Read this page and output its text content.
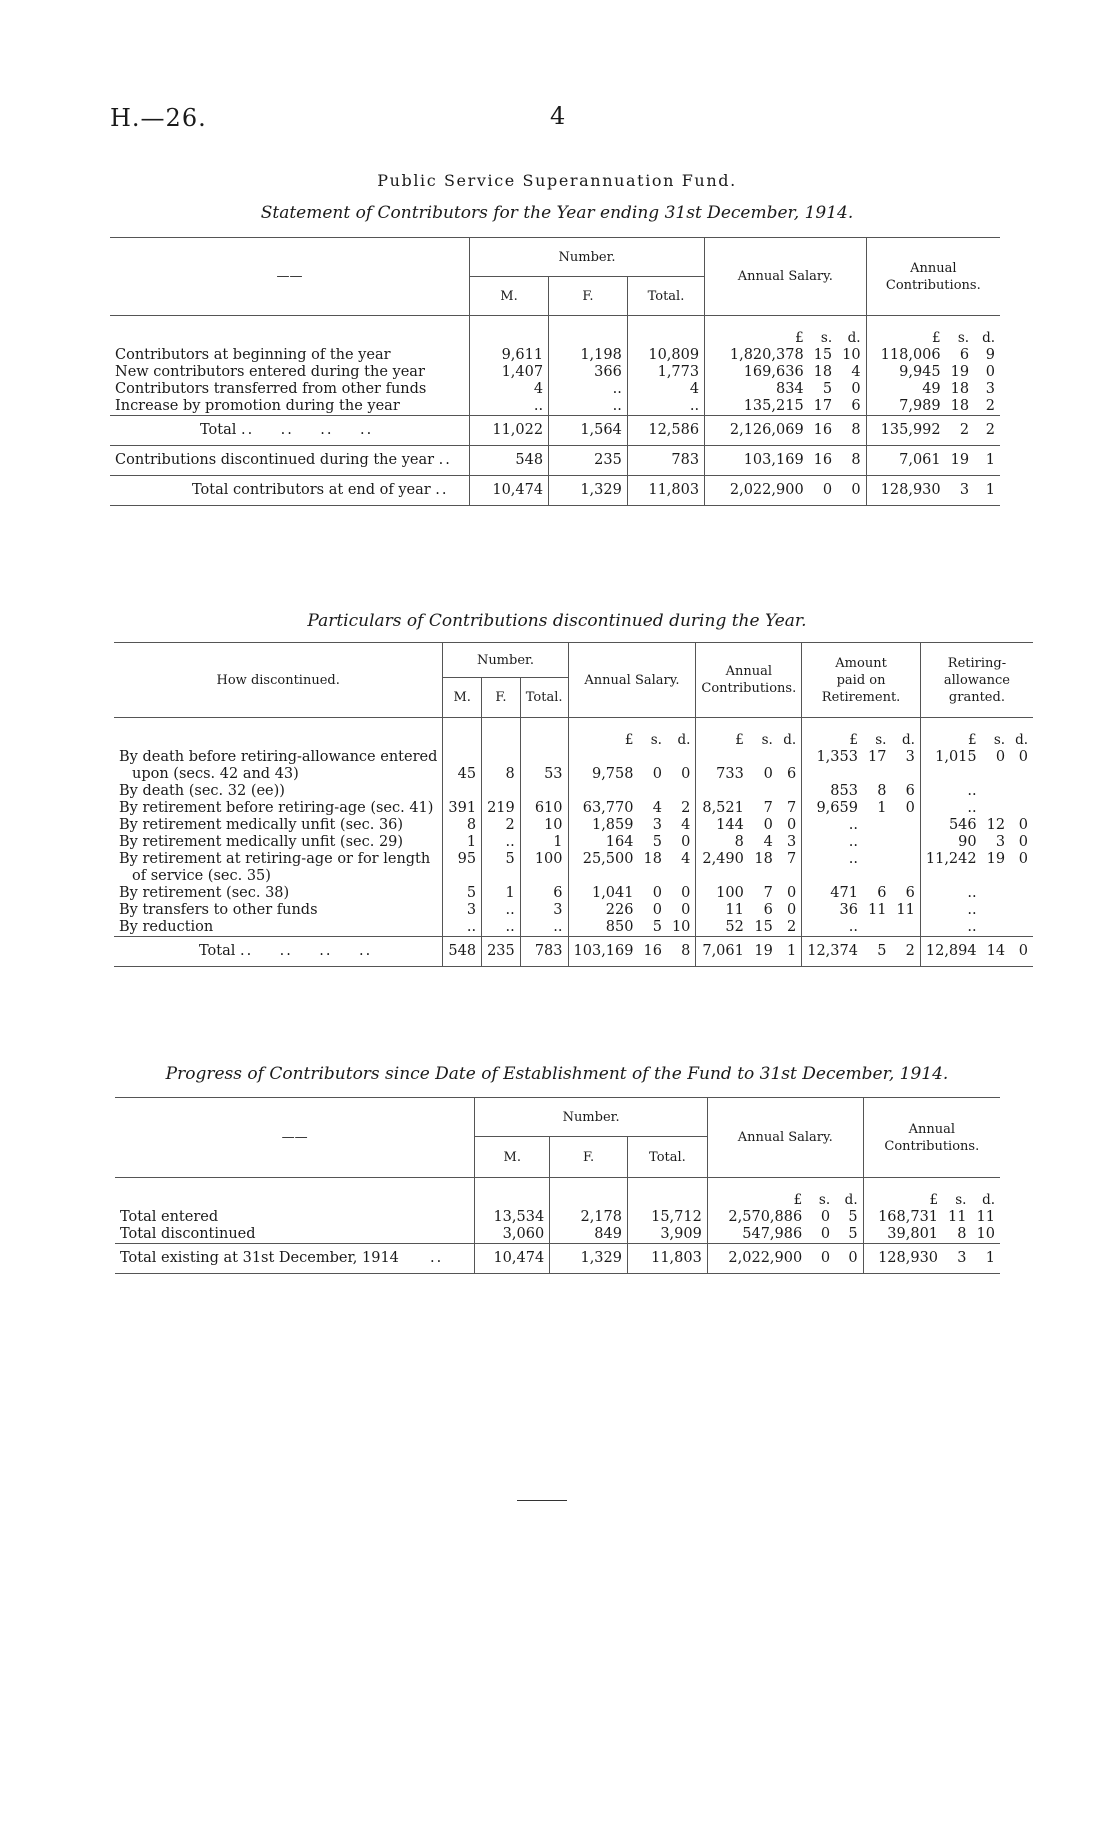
H.—26.	4
Public Service Superannuation Fund.
Statement of Contributors for the Year ending 31st December, 1914.
——	Number.			Annual Salary.			Annual
Contributions.		
	M.	F.	Total.						
				£	s.	d.	£	s.	d.
Contributors at beginning of the year	9,611	1,198	10,809	1,820,378	15	10	118,006	6	9
New contributors entered during the year	1,407	366	1,773	169,636	18	4	9,945	19	0
Contributors transferred from other funds	4	..	4	834	5	0	49	18	3
Increase by promotion during the year	..	..	..	135,215	17	6	7,989	18	2
Total ..    ..    ..    ..	11,022	1,564	12,586	2,126,069	16	8	135,992	2	2
Contributions discontinued during the year ..	548	235	783	103,169	16	8	7,061	19	1
Total contributors at end of year ..	10,474	1,329	11,803	2,022,900	0	0	128,930	3	1
Particulars of Contributions discontinued during the Year.
How discontinued.	Number.			Annual Salary.			Annual
Contributions.			Amount
paid on
Retirement.			Retiring-
allowance
granted.		
	M.	F.	Total.												
				£	s.	d.	£	s.	d.	£	s.	d.	£	s.	d.
By death before retiring-allowance entered										1,353	17	3	1,015	0	0
upon (secs. 42 and 43)	45	8	53	9,758	0	0	733	0	6						
By death (sec. 32 (ee))										853	8	6	..		
By retirement before retiring-age (sec. 41)	391	219	610	63,770	4	2	8,521	7	7	9,659	1	0	..		
By retirement medically unfit (sec. 36)	8	2	10	1,859	3	4	144	0	0	..			546	12	0
By retirement medically unfit (sec. 29)	1	..	1	164	5	0	8	4	3	..			90	3	0
By retirement at retiring-age or for length	95	5	100	25,500	18	4	2,490	18	7	..			11,242	19	0
of service (sec. 35)															
By retirement (sec. 38)	5	1	6	1,041	0	0	100	7	0	471	6	6	..		
By transfers to other funds	3	..	3	226	0	0	11	6	0	36	11	11	..		
By reduction	..	..	..	850	5	10	52	15	2	..			..		
Total ..    ..    ..    ..	548	235	783	103,169	16	8	7,061	19	1	12,374	5	2	12,894	14	0

Progress of Contributors since Date of Establishment of the Fund to 31st December, 1914.
——	Number.			Annual Salary.			Annual
Contributions.		
	M.	F.	Total.						
				£	s.	d.	£	s.	d.
Total entered	13,534	2,178	15,712	2,570,886	0	5	168,731	11	11
Total discontinued	3,060	849	3,909	547,986	0	5	39,801	8	10
Total existing at 31st December, 1914     ..	10,474	1,329	11,803	2,022,900	0	0	128,930	3	1
